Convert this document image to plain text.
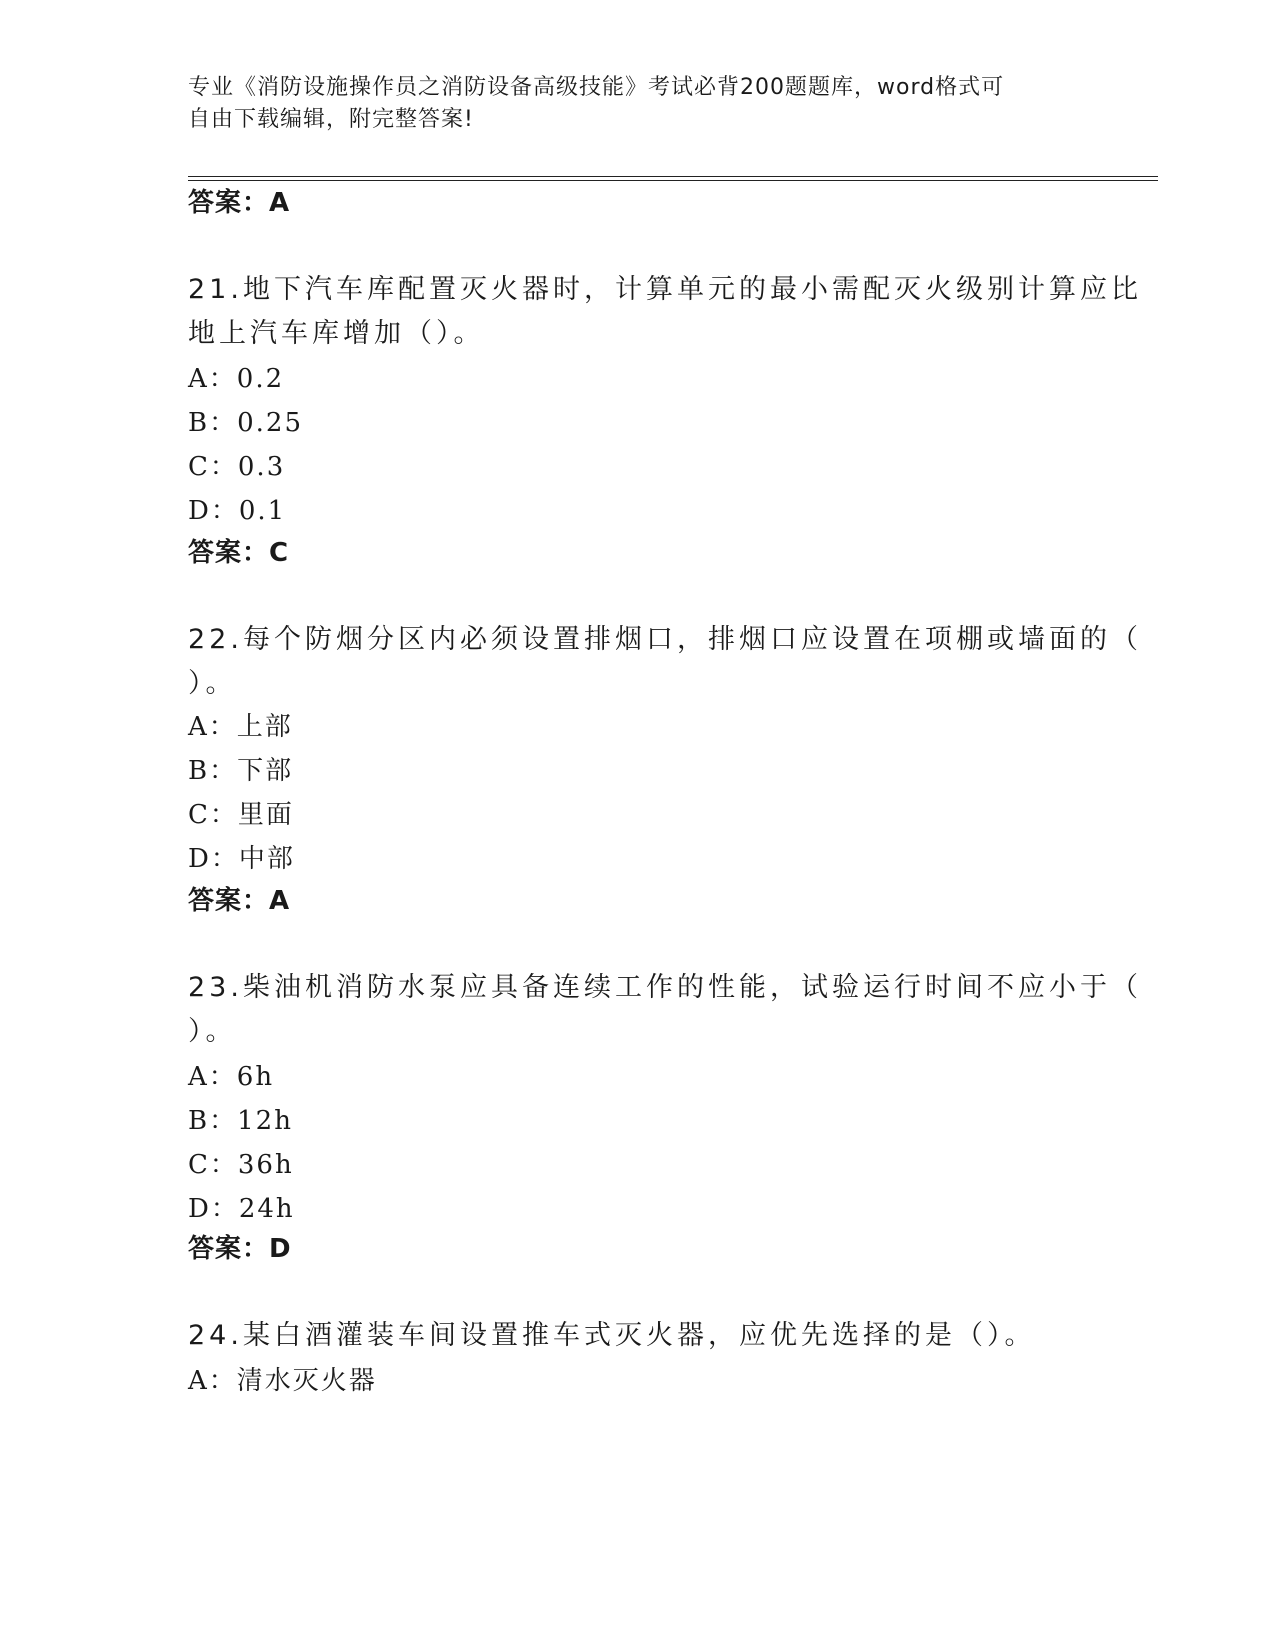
专业《消防设施操作员之消防设备高级技能》考试必背200题题库，word格式可
自由下载编辑，附完整答案!
答案：A
21.地下汽车库配置灭火器时，计算单元的最小需配灭火级别计算应比
地上汽车库增加（）。
A：0.2
B：0.25
C：0.3
D：0.1
答案：C
22.每个防烟分区内必须设置排烟口，排烟口应设置在项棚或墙面的（
）。
A：上部
B：下部
C：里面
D：中部
答案：A
23.柴油机消防水泵应具备连续工作的性能，试验运行时间不应小于（
）。
A：6h
B：12h
C：36h
D：24h
答案：D
24.某白酒灌装车间设置推车式灭火器，应优先选择的是（）。
A：清水灭火器
